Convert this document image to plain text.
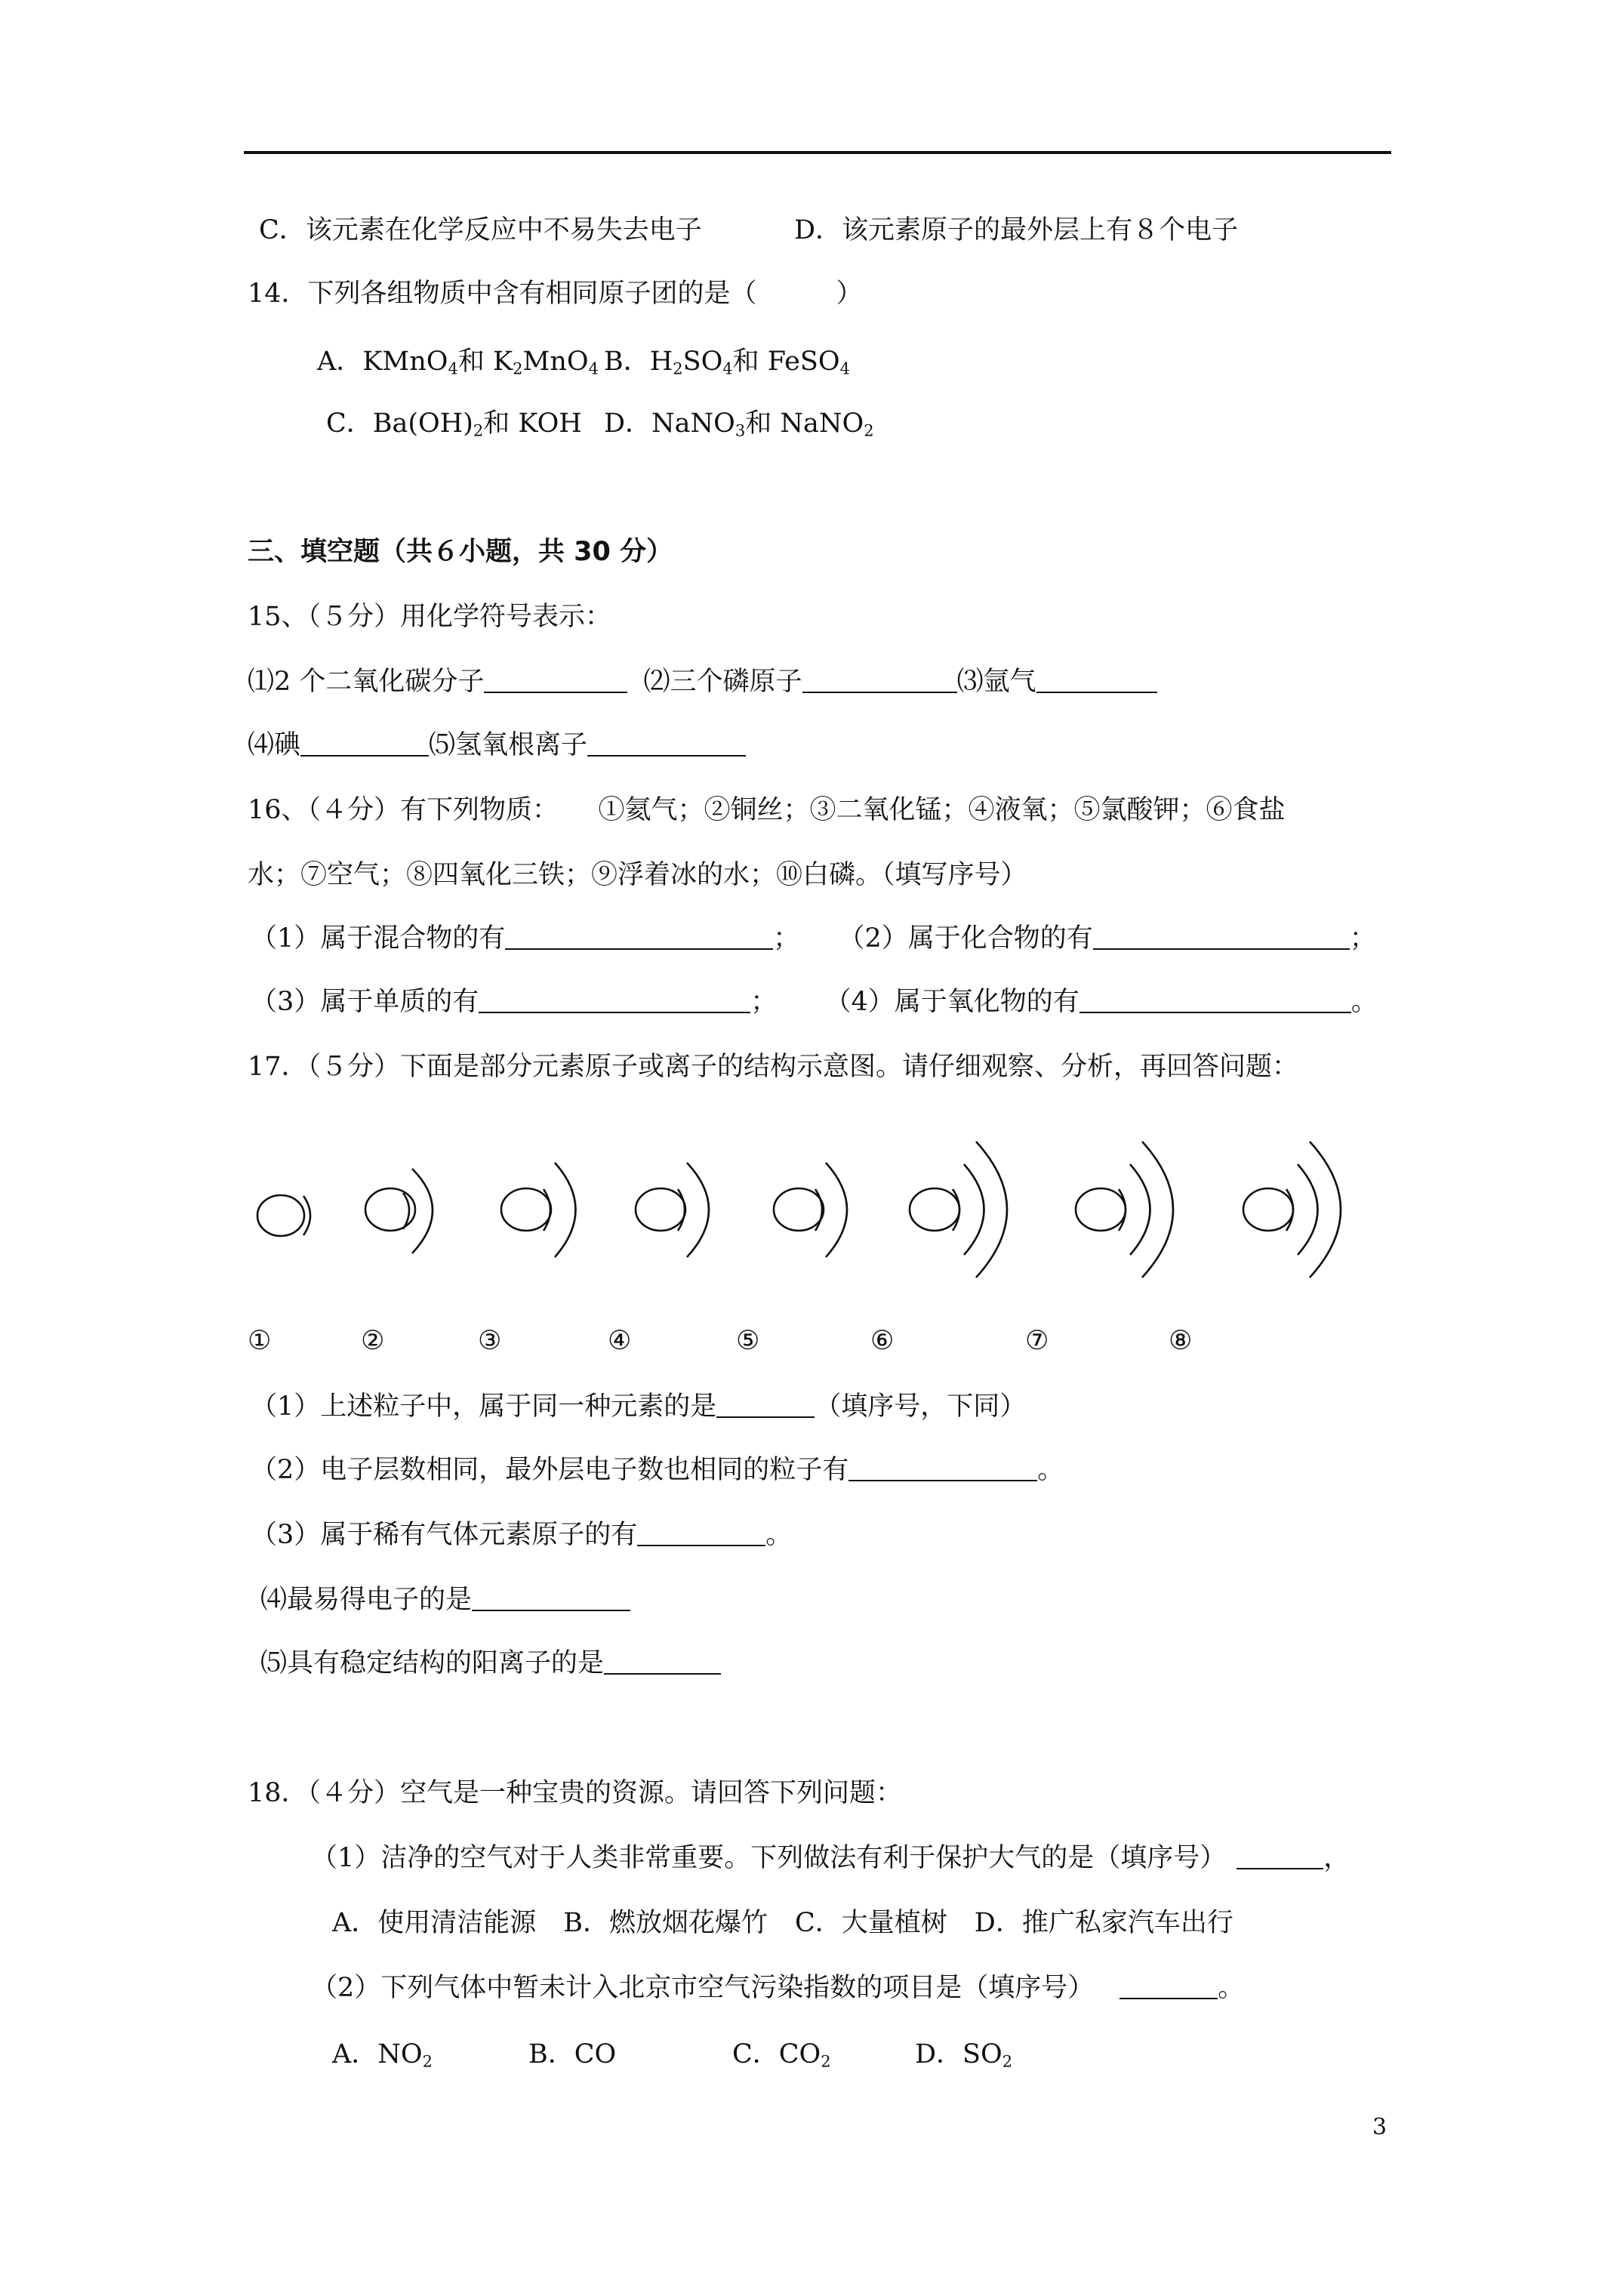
C．该元素在化学反应中不易失去电子	D．该元素原子的最外层上有８个电子
14．下列各组物质中含有相同原子团的是（	）
A．KMnO$_4$和 $K_2MnO_4$ B．$H_2SO_4$和 FeSO$_4$
C．$Ba(OH)_2$和 KOH D．NaNO$_3$和 NaNO$_2$
三、填空题（共６小题，共 30 分）
15、（５分）用化学符号表示：
⑴2 个二氧化碳分子	⑵三个磷原子	⑶氩气
⑷碘	⑸氢氧根离子
16、（４分）有下列物质：　　①氦气；②铜丝；③二氧化锰；④液氧；⑤氯酸钾；⑥食盐
水；⑦空气；⑧四氧化三铁；⑨浮着冰的水；⑩白磷。（填写序号）
（1）属于混合物的有	； （2）属于化合物的有	；
（3）属于单质的有	； （4）属于氧化物的有	。
17．（５分）下面是部分元素原子或离子的结构示意图。请仔细观察、分析，再回答问题：
①	②	③	④	⑤	⑥	⑦	⑧
（1）上述粒子中，属于同一种元素的是	（填序号，下同）
（2）电子层数相同，最外层电子数也相同的粒子有	。
（3）属于稀有气体元素原子的有	。
⑷最易得电子的是
⑸具有稳定结构的阳离子的是
18．（４分）空气是一种宝贵的资源。请回答下列问题：
（1）洁净的空气对于人类非常重要。下列做法有利于保护大气的是（填序号）	，
A．使用清洁能源 B．燃放烟花爆竹 C．大量植树 D．推广私家汽车出行
（2）下列气体中暂未计入北京市空气污染指数的项目是（填序号）	。
A．$NO_2$	B．CO	C．$CO_2$	D．$SO_2$
3
